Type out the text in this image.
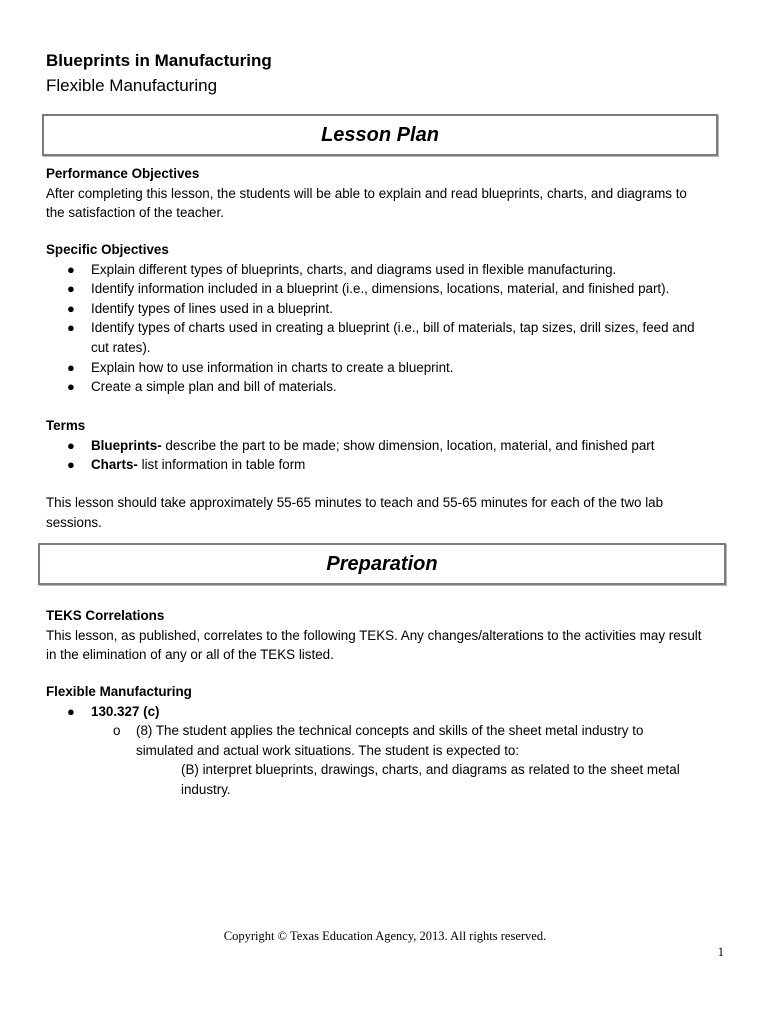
Blueprints in Manufacturing
Flexible Manufacturing
Lesson Plan
Performance Objectives
After completing this lesson, the students will be able to explain and read blueprints, charts, and diagrams to
the satisfaction of the teacher.
Specific Objectives
● Explain different types of blueprints, charts, and diagrams used in flexible manufacturing.
● Identify information included in a blueprint (i.e., dimensions, locations, material, and finished part).
● Identify types of lines used in a blueprint.
● Identify types of charts used in creating a blueprint (i.e., bill of materials, tap sizes, drill sizes, feed and
cut rates).
● Explain how to use information in charts to create a blueprint.
● Create a simple plan and bill of materials.
Terms
● Blueprints- describe the part to be made; show dimension, location, material, and finished part
● Charts- list information in table form
This lesson should take approximately 55-65 minutes to teach and 55-65 minutes for each of the two lab
sessions.
Preparation
TEKS Correlations
This lesson, as published, correlates to the following TEKS. Any changes/alterations to the activities may result
in the elimination of any or all of the TEKS listed.
Flexible Manufacturing
● 130.327 (c)
o (8) The student applies the technical concepts and skills of the sheet metal industry to
simulated and actual work situations. The student is expected to:
(B) interpret blueprints, drawings, charts, and diagrams as related to the sheet metal
industry.
Copyright © Texas Education Agency, 2013. All rights reserved.
1
